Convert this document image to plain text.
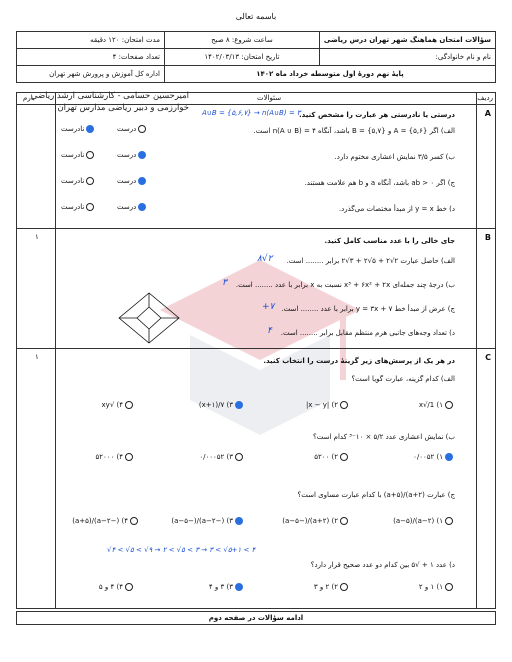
باسمه تعالی
سؤالات امتحان هماهنگ شهر تهران درس ریاضی	ساعت شروع: ۸ صبح	مدت امتحان: ۱۲۰ دقیقه
نام و نام خانوادگی:	تاریخ امتحان: ۱۴۰۲/۰۳/۱۳	تعداد صفحات: ۴
پایهٔ نهم دورهٔ اول متوسطه خرداد ماه ۱۴۰۲		اداره کل آموزش و پرورش شهر تهران
ردیف
سئوالات
بارم
A
درستی یا نادرستی هر عبارت را مشخص کنید.
A∪B = {۵,۶,۷} → n(A∪B) = ۳
الف) اگر A = {۵,۶} و B = {۵,۷} باشد، آنگاه n(A ∪ B) = ۴ است.
نادرست	درست
ب) کسر ۳/۵ نمایش اعشاری مختوم دارد.
نادرست	درست
ج) اگر ab > ۰ باشد، آنگاه a و b هم علامت هستند.
نادرست	درست
د) خط y = x از مبدأ مختصات می‌گذرد.
نادرست	درست
B
۱	جای خالی را با عدد مناسب کامل کنید.
الف) حاصل عبارت ۲√۲ + ۵√۲ + ۳√۲ برابر ........ است.
۸√۲
ب) درجهٔ چند جمله‌ای x³ + ۶x² + ۲x نسبت به x برابر با عدد ........ است.
۳
ج) عرض از مبدأ خط y = ۳x + ۷ برابر با عدد ........ است.
+۷
د) تعداد وجه‌های جانبی هرم منتظم مقابل برابر ........ است.
۴
C
۱	در هر یک از پرسش‌های زیر گزینهٔ درست را انتخاب کنید.
الف) کدام گزینه، عبارت گویا است؟
۱) 1/√x
۲) |x − y|
۳) ۷/(x+۱)
۴) √xy
ب) نمایش اعشاری عدد ۵/۲ × ۱۰⁻³ کدام است؟
۱) ۰/۰۰۵۲
۲) ۵۲۰۰
۳) ۰/۰۰۰۵۲
۴) ۵۲۰۰۰
ج) عبارت (a+۲)/(a+۵) با کدام عبارت مساوی است؟
۱) (a−۲)/(a−۵)
۲) (a+۲)/(−a−۵)
۳) (−a−۲)/(−a−۵)
۴) (−a−۲)/(a+۵)
√۴ < √۵ < √۹ → ۲ < √۵ < ۳ → ۳ < √۵+۱ < ۴
د) عدد ۱ + √۵ بین کدام دو عدد صحیح قرار دارد؟
۱) ۱ و ۲
۲) ۲ و ۳
۳) ۳ و ۴
۴) ۴ و ۵
امیرحسین حسامی - کارشناسی ارشد ریاضی
خوارزمی و دبیر ریاضی مدارس تهران
ادامه سؤالات در صفحه دوم
